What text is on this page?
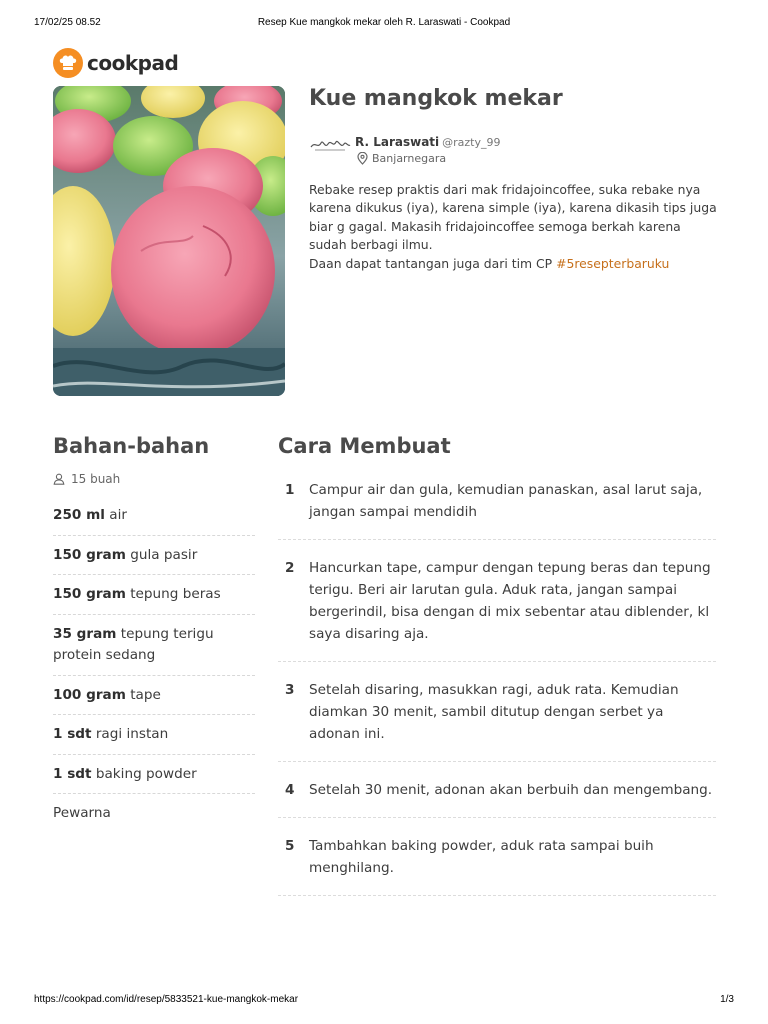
17/02/25 08.52	Resep Kue mangkok mekar oleh R. Laraswati - Cookpad
cookpad
Kue mangkok mekar
R. Laraswati @razty_99
Banjarnegara

Rebake resep praktis dari mak fridajoincoffee, suka rebake nya karena dikukus (iya), karena simple (iya), karena dikasih tips juga biar g gagal. Makasih fridajoincoffee semoga berkah karena sudah berbagi ilmu.

Daan dapat tantangan juga dari tim CP #5resepterbaruku

Bahan-bahan
15 buah
250 ml air
150 gram gula pasir
150 gram tepung beras
35 gram tepung terigu protein sedang
100 gram tape
1 sdt ragi instan
1 sdt baking powder
Pewarna
Cara Membuat
1	Campur air dan gula, kemudian panaskan, asal larut saja, jangan sampai mendidih
2	Hancurkan tape, campur dengan tepung beras dan tepung terigu. Beri air larutan gula. Aduk rata, jangan sampai bergerindil, bisa dengan di mix sebentar atau diblender, kl saya disaring aja.
3	Setelah disaring, masukkan ragi, aduk rata. Kemudian diamkan 30 menit, sambil ditutup dengan serbet ya adonan ini.
4	Setelah 30 menit, adonan akan berbuih dan mengembang.
5	Tambahkan baking powder, aduk rata sampai buih menghilang.
https://cookpad.com/id/resep/5833521-kue-mangkok-mekar	1/3
